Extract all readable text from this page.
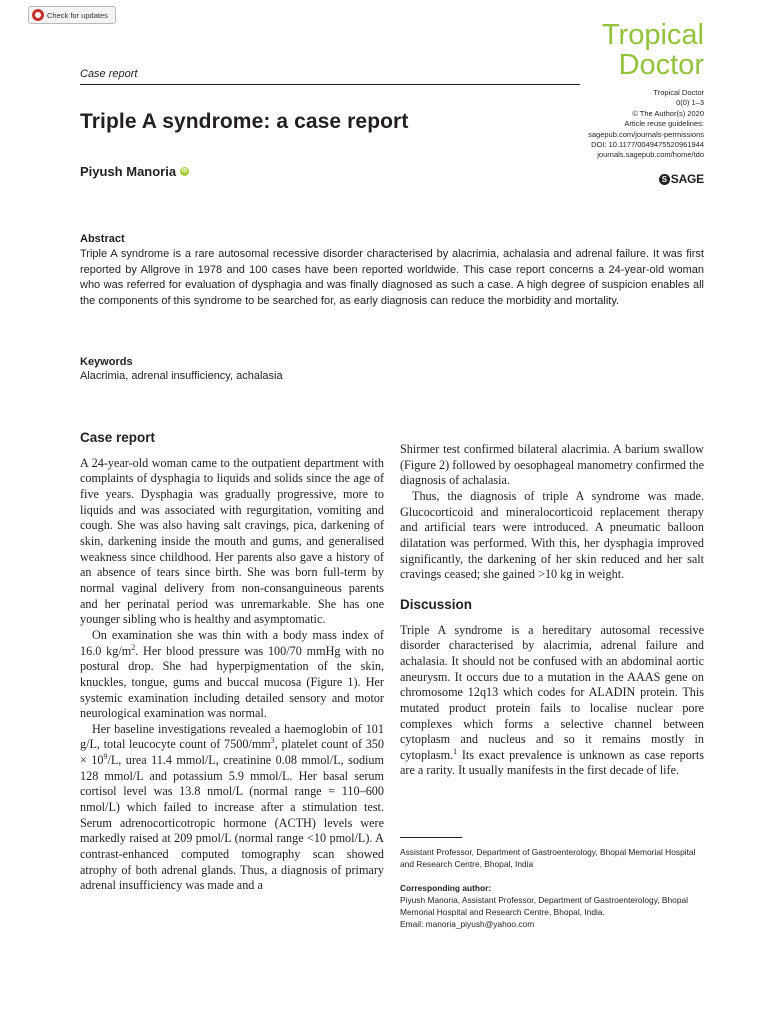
Check for updates
Tropical
Doctor
Case report
Tropical Doctor
0(0) 1–3
© The Author(s) 2020
Article reuse guidelines:
sagepub.com/journals-permissions
DOI: 10.1177/0049475520961944
journals.sagepub.com/home/tdo
S SAGE
Triple A syndrome: a case report
Piyush Manoria	iD
Abstract

Triple A syndrome is a rare autosomal recessive disorder characterised by alacrimia, achalasia and adrenal failure. It was first reported by Allgrove in 1978 and 100 cases have been reported worldwide. This case report concerns a 24-year-old woman who was referred for evaluation of dysphagia and was finally diagnosed as such a case. A high degree of suspicion enables all the components of this syndrome to be searched for, as early diagnosis can reduce the morbidity and mortality.

Keywords
Alacrimia, adrenal insufficiency, achalasia
Case report

A 24-year-old woman came to the outpatient department with complaints of dysphagia to liquids and solids since the age of five years. Dysphagia was gradually progressive, more to liquids and was associated with regurgitation, vomiting and cough. She was also having salt cravings, pica, darkening of skin, darkening inside the mouth and gums, and generalised weakness since childhood. Her parents also gave a history of an absence of tears since birth. She was born full-term by normal vaginal delivery from non-consanguineous parents and her perinatal period was unremarkable. She has one younger sibling who is healthy and asymptomatic.

On examination she was thin with a body mass index of 16.0 $kg/m^2$. Her blood pressure was 100/70 mmHg with no postural drop. She had hyperpigmentation of the skin, knuckles, tongue, gums and buccal mucosa (Figure 1). Her systemic examination including detailed sensory and motor neurological examination was normal.

Her baseline investigations revealed a haemoglobin of 101 g/L, total leucocyte count of $7500/mm^3$, platelet count of $350 \times 10^9/L$, urea 11.4 mmol/L, creatinine 0.08 mmol/L, sodium 128 mmol/L and potassium 5.9 mmol/L. Her basal serum cortisol level was 13.8 nmol/L (normal range = 110–600 nmol/L) which failed to increase after a stimulation test. Serum adrenocorticotropic hormone (ACTH) levels were markedly raised at 209 pmol/L (normal range <10 pmol/L). A contrast-enhanced computed tomography scan showed atrophy of both adrenal glands. Thus, a diagnosis of primary adrenal insufficiency was made and a

Shirmer test confirmed bilateral alacrimia. A barium swallow (Figure 2) followed by oesophageal manometry confirmed the diagnosis of achalasia.

Thus, the diagnosis of triple A syndrome was made. Glucocorticoid and mineralocorticoid replacement therapy and artificial tears were introduced. A pneumatic balloon dilatation was performed. With this, her dysphagia improved significantly, the darkening of her skin reduced and her salt cravings ceased; she gained >10 kg in weight.

Discussion

Triple A syndrome is a hereditary autosomal recessive disorder characterised by alacrimia, adrenal failure and achalasia. It should not be confused with an abdominal aortic aneurysm. It occurs due to a mutation in the AAAS gene on chromosome 12q13 which codes for ALADIN protein. This mutated product protein fails to localise nuclear pore complexes which forms a selective channel between cytoplasm and nucleus and so it remains mostly in cytoplasm.$^1$ Its exact prevalence is unknown as case reports are a rarity. It usually manifests in the first decade of life.

Assistant Professor, Department of Gastroenterology, Bhopal Memorial Hospital and Research Centre, Bhopal, India

Corresponding author:

Piyush Manoria, Assistant Professor, Department of Gastroenterology, Bhopal Memorial Hospital and Research Centre, Bhopal, India.

Email: manoria_piyush@yahoo.com
